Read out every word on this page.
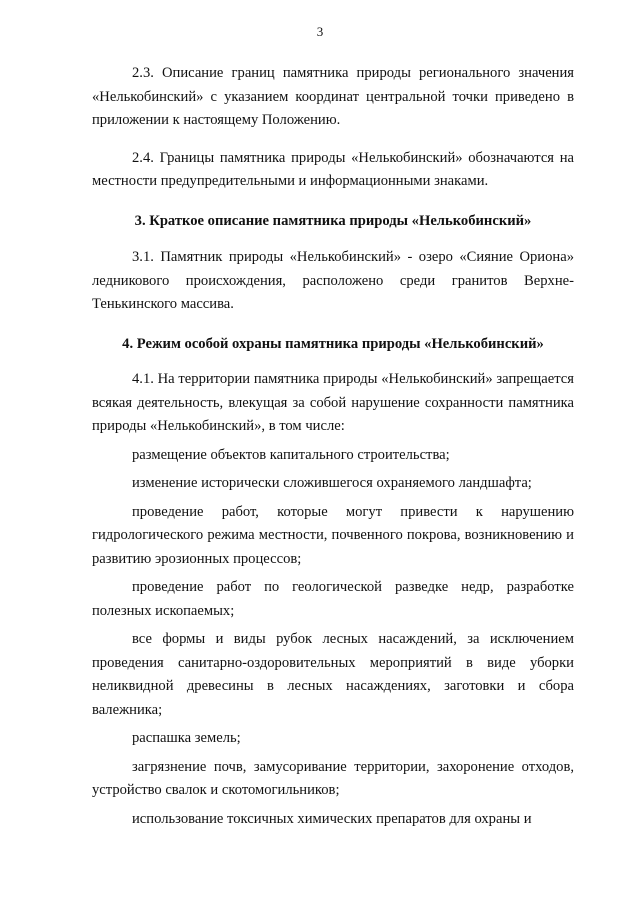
3

2.3. Описание границ памятника природы регионального значения «Нелькобинский» с указанием координат центральной точки приведено в приложении к настоящему Положению.

2.4. Границы памятника природы «Нелькобинский» обозначаются на местности предупредительными и информационными знаками.

3. Краткое описание памятника природы «Нелькобинский»

3.1. Памятник природы «Нелькобинский» - озеро «Сияние Ориона» ледникового происхождения, расположено среди гранитов Верхне-Тенькинского массива.

4. Режим особой охраны памятника природы «Нелькобинский»

4.1. На территории памятника природы «Нелькобинский» запрещается всякая деятельность, влекущая за собой нарушение сохранности памятника природы «Нелькобинский», в том числе:

размещение объектов капитального строительства;

изменение исторически сложившегося охраняемого ландшафта;

проведение работ, которые могут привести к нарушению гидрологического режима местности, почвенного покрова, возникновению и развитию эрозионных процессов;

проведение работ по геологической разведке недр, разработке полезных ископаемых;

все формы и виды рубок лесных насаждений, за исключением проведения санитарно-оздоровительных мероприятий в виде уборки неликвидной древесины в лесных насаждениях, заготовки и сбора валежника;

распашка земель;

загрязнение почв, замусоривание территории, захоронение отходов, устройство свалок и скотомогильников;

использование токсичных химических препаратов для охраны и
